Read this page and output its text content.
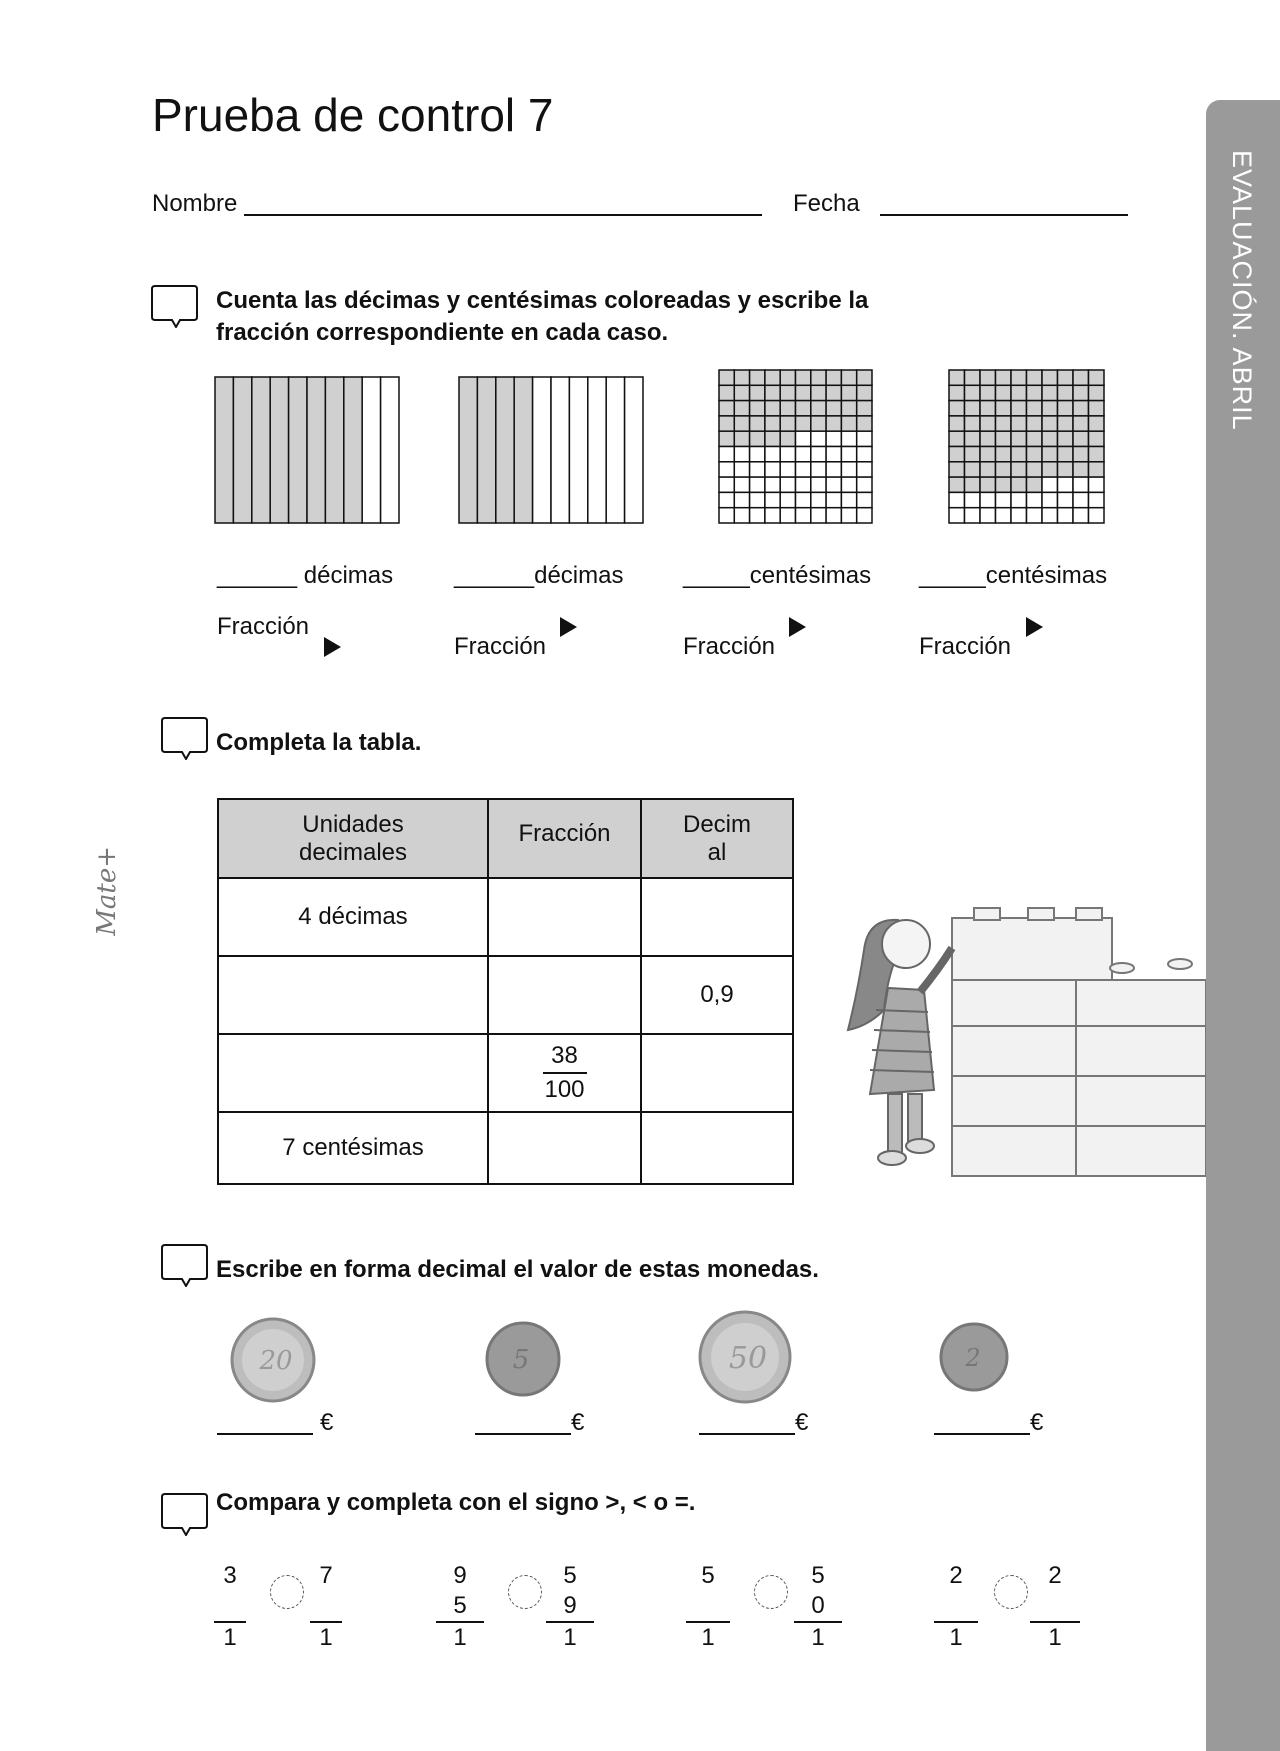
EVALUACIÓN. ABRIL
Mate+
Prueba de control 7
Nombre	Fecha
Cuenta las décimas y centésimas coloreadas y escribe la
fracción correspondiente en cada caso.
______ décimas	______décimas _____centésimas _____centésimas
Fracción
Fracción	Fracción	Fracción
Completa la tabla.
Unidades
decimales	Fracción	Decim
al
4 décimas		
		0,9

	38
100	

7 centésimas		
Escribe en forma decimal el valor de estas monedas.
20	5	50	2
€	€	€	€
Compara y completa con el signo >, < o =.
3
1
7
1
9
5
1
5
9
1
5
1
5
0
1
2
1
2
1
